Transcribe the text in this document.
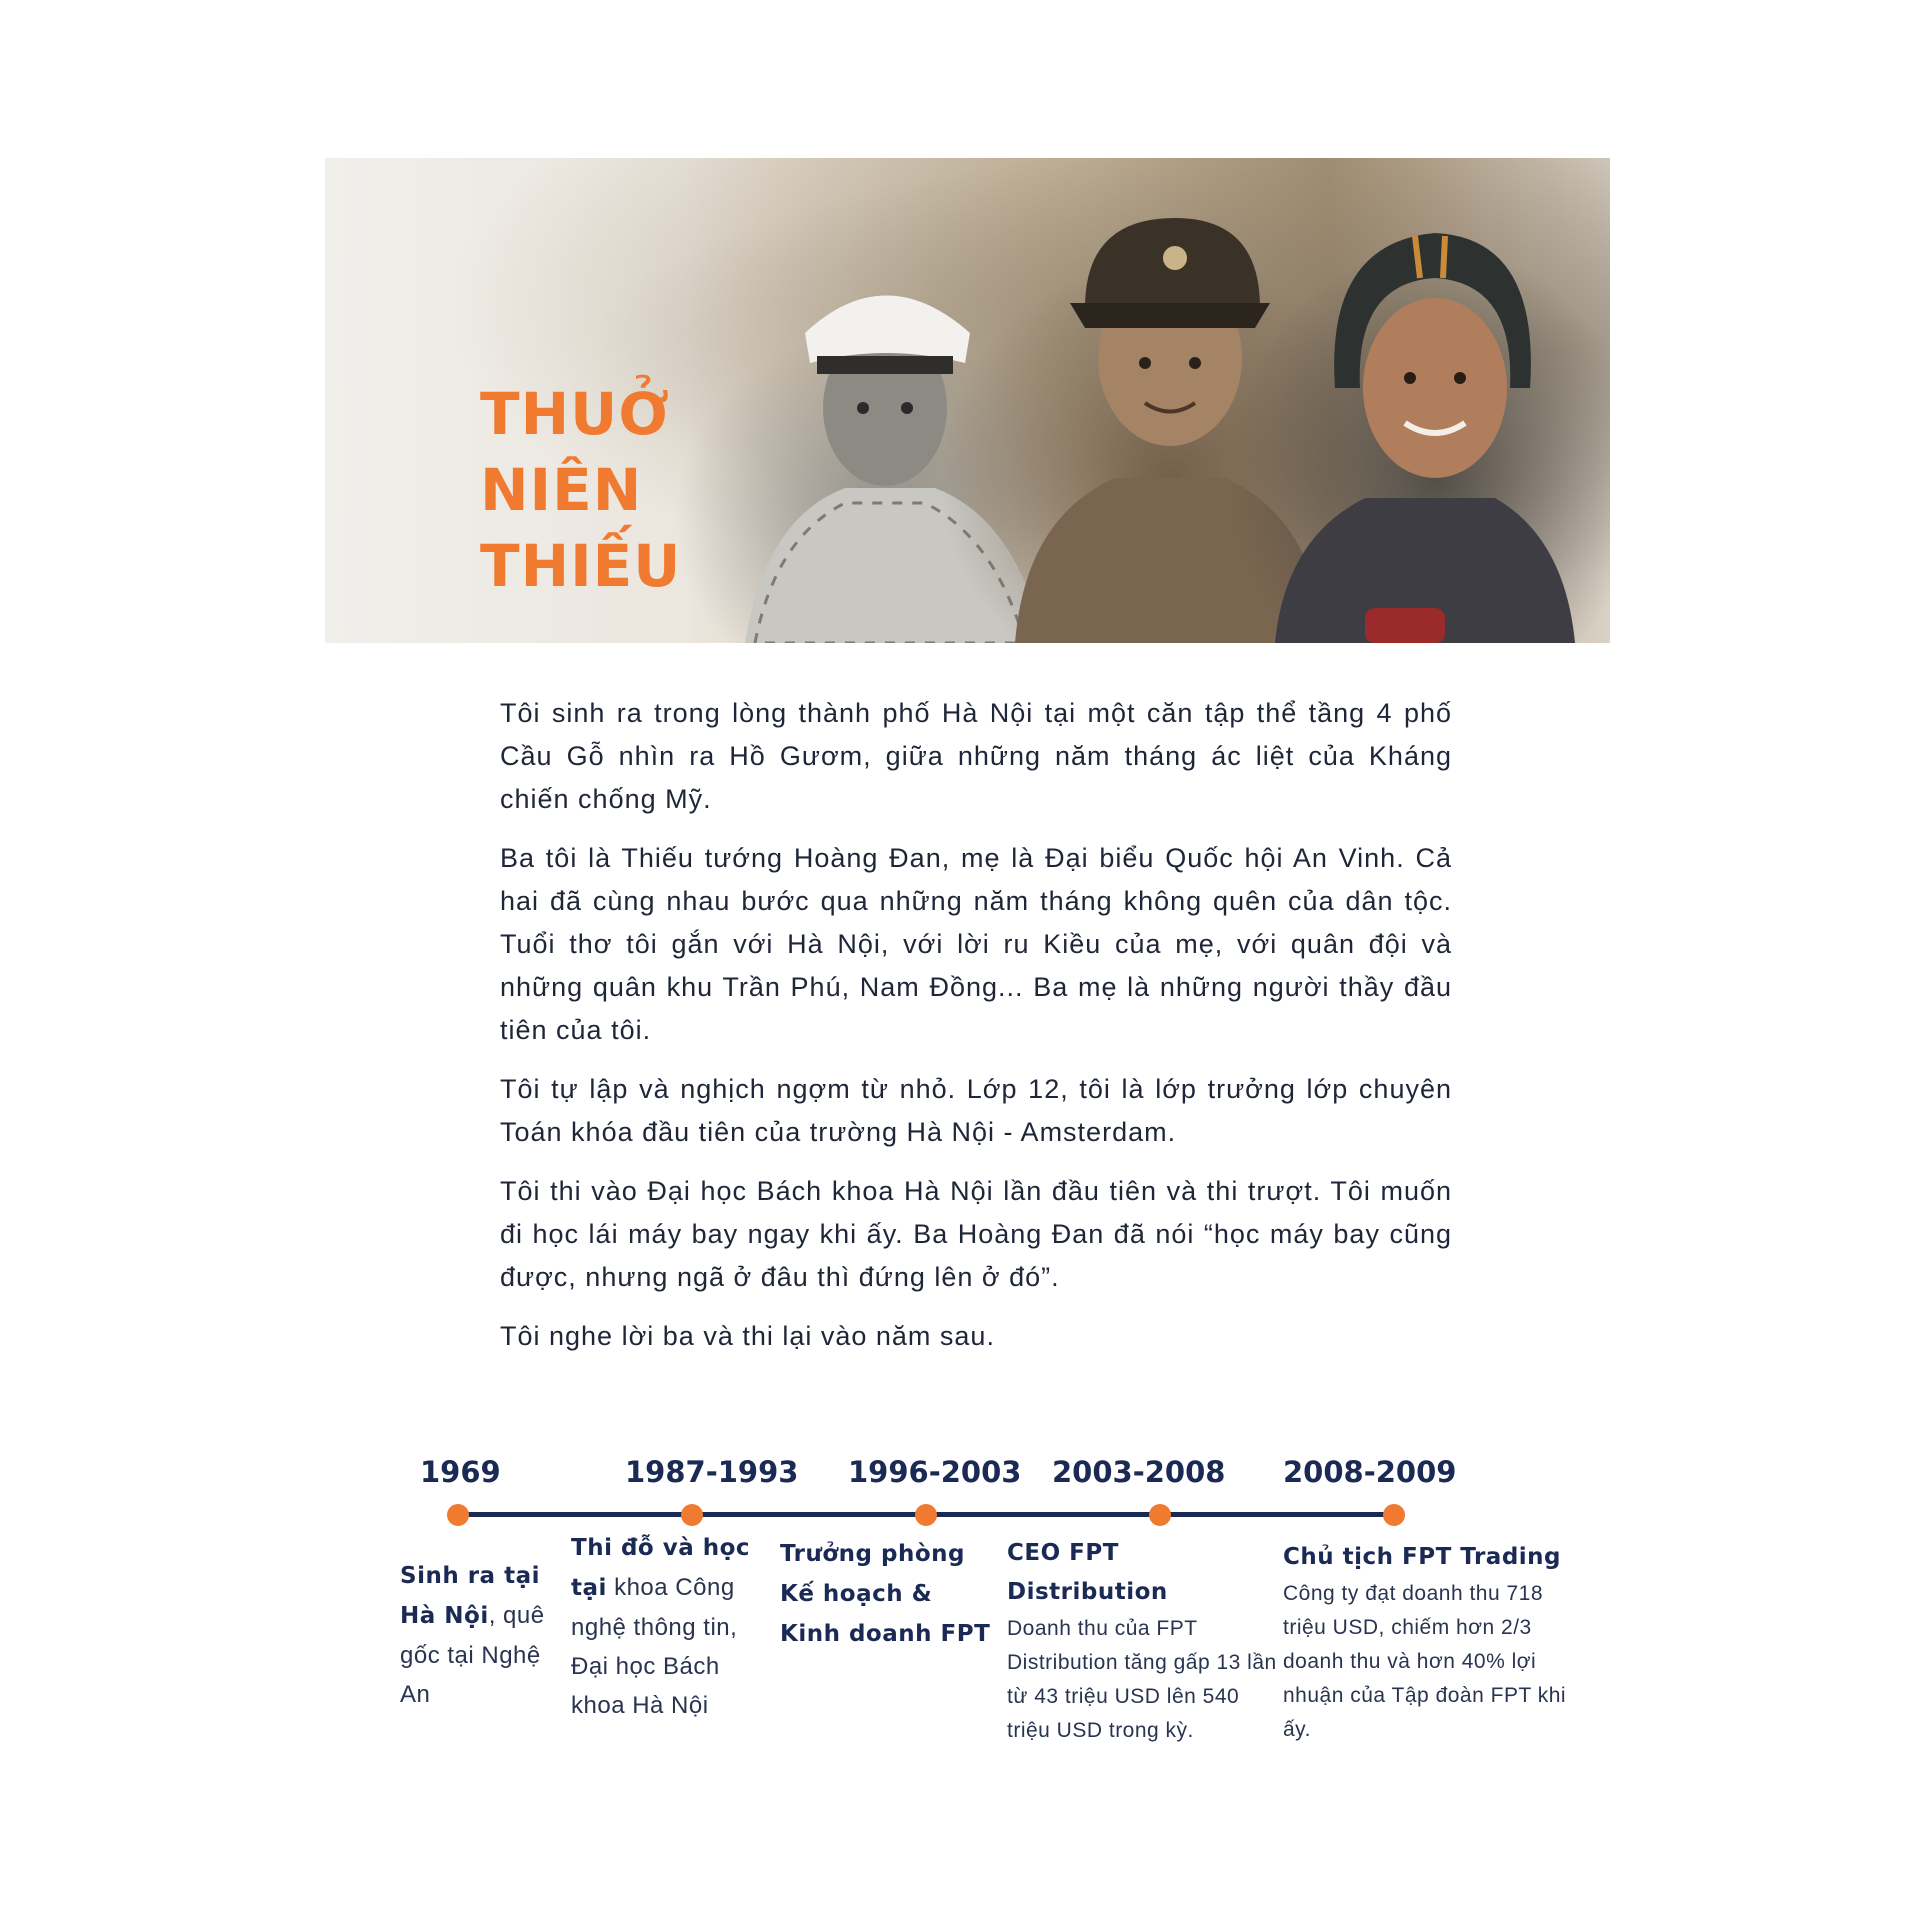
THUỞ
NIÊN
THIẾU

Tôi sinh ra trong lòng thành phố Hà Nội tại một căn tập thể tầng 4 phố Cầu Gỗ nhìn ra Hồ Gươm, giữa những năm tháng ác liệt của Kháng chiến chống Mỹ.

Ba tôi là Thiếu tướng Hoàng Đan, mẹ là Đại biểu Quốc hội An Vinh. Cả hai đã cùng nhau bước qua những năm tháng không quên của dân tộc. Tuổi thơ tôi gắn với Hà Nội, với lời ru Kiều của mẹ, với quân đội và những quân khu Trần Phú, Nam Đồng... Ba mẹ là những người thầy đầu tiên của tôi.

Tôi tự lập và nghịch ngợm từ nhỏ. Lớp 12, tôi là lớp trưởng lớp chuyên Toán khóa đầu tiên của trường Hà Nội - Amsterdam.

Tôi thi vào Đại học Bách khoa Hà Nội lần đầu tiên và thi trượt. Tôi muốn đi học lái máy bay ngay khi ấy. Ba Hoàng Đan đã nói “học máy bay cũng được, nhưng ngã ở đâu thì đứng lên ở đó”.

Tôi nghe lời ba và thi lại vào năm sau.

1969	1987-1993 1996-2003 2003-2008 2008-2009
Sinh ra tại Hà Nội, quê gốc tại Nghệ An
Thi đỗ và học tại khoa Công nghệ thông tin, Đại học Bách khoa Hà Nội
Trưởng phòng Kế hoạch & Kinh doanh FPT
CEO FPT Distribution
Doanh thu của FPT Distribution tăng gấp 13 lần từ 43 triệu USD lên 540 triệu USD trong kỳ.
Chủ tịch FPT Trading
Công ty đạt doanh thu 718 triệu USD, chiếm hơn 2/3 doanh thu và hơn 40% lợi nhuận của Tập đoàn FPT khi ấy.
